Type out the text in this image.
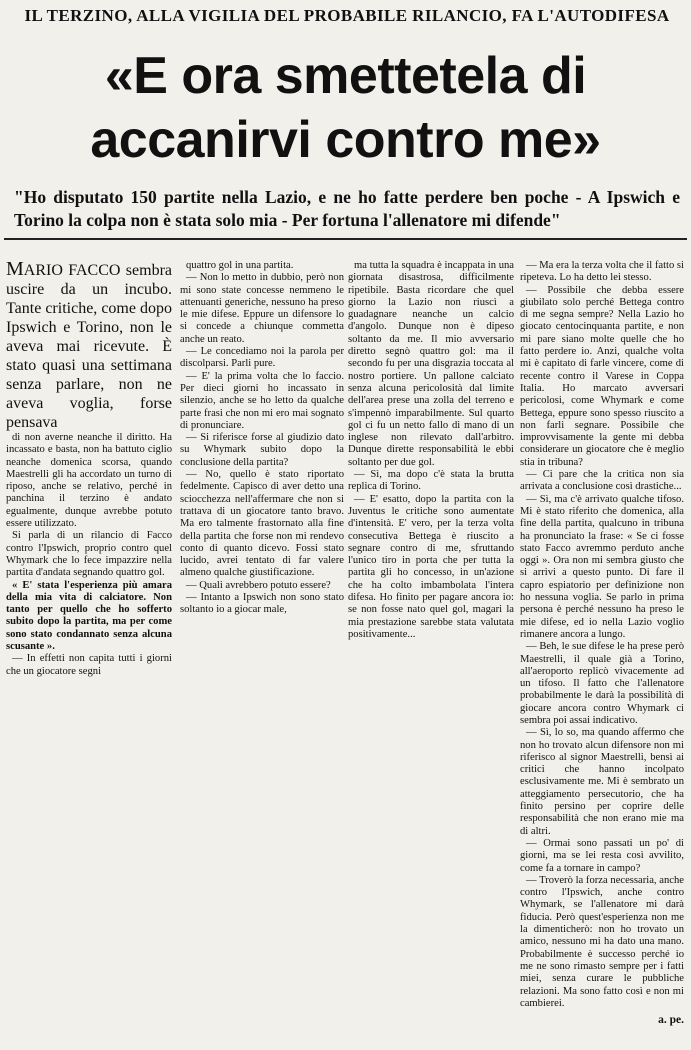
IL TERZINO, ALLA VIGILIA DEL PROBABILE RILANCIO, FA L'AUTODIFESA
«E ora smettetela di
accanirvi contro me»
"Ho disputato 150 partite nella Lazio, e ne ho fatte perdere ben poche - A Ipswich e Torino la colpa non è stata solo mia - Per fortuna l'allenatore mi difende"

MARIO FACCO sembra uscire da un incubo. Tante critiche, come dopo Ipswich e Torino, non le aveva mai ricevute. È stato quasi una settimana senza parlare, non ne aveva voglia, forse pensava

di non averne neanche il diritto. Ha incassato e basta, non ha battuto ciglio neanche domenica scorsa, quando Maestrelli gli ha accordato un turno di riposo, anche se relativo, perché in panchina il terzino è andato egualmente, dunque avrebbe potuto essere utilizzato.

Si parla di un rilancio di Facco contro l'Ipswich, proprio contro quel Whymark che lo fece impazzire nella partita d'andata segnando quattro gol.

« E' stata l'esperienza più amara della mia vita di calciatore. Non tanto per quello che ho sofferto subito dopo la partita, ma per come sono stato condannato senza alcuna scusante ».

— In effetti non capita tutti i giorni che un giocatore segni

quattro gol in una partita.

— Non lo metto in dubbio, però non mi sono state concesse nemmeno le attenuanti generiche, nessuno ha preso le mie difese. Eppure un difensore lo si concede a chiunque commetta anche un reato.

— Le concediamo noi la parola per discolparsi. Parli pure.

— E' la prima volta che lo faccio. Per dieci giorni ho incassato in silenzio, anche se ho letto da qualche parte frasi che non mi ero mai sognato di pronunciare.

— Si riferisce forse al giudizio dato su Whymark subito dopo la conclusione della partita?

— No, quello è stato riportato fedelmente. Capisco di aver detto una sciocchezza nell'affermare che non si trattava di un giocatore tanto bravo. Ma ero talmente frastornato alla fine della partita che forse non mi rendevo conto di quanto dicevo. Fossi stato lucido, avrei tentato di far valere almeno qualche giustificazione.

— Quali avrebbero potuto essere?

— Intanto a Ipswich non sono stato soltanto io a giocar male,

ma tutta la squadra è incappata in una giornata disastrosa, difficilmente ripetibile. Basta ricordare che quel giorno la Lazio non riuscì a guadagnare neanche un calcio d'angolo. Dunque non è dipeso soltanto da me. Il mio avversario diretto segnò quattro gol: ma il secondo fu per una disgrazia toccata al nostro portiere. Un pallone calciato senza alcuna pericolosità dal limite dell'area prese una zolla del terreno e s'impennò imparabilmente. Sul quarto gol ci fu un netto fallo di mano di un inglese non rilevato dall'arbitro. Dunque dirette responsabilità le ebbi soltanto per due gol.

— Sì, ma dopo c'è stata la brutta replica di Torino.

— E' esatto, dopo la partita con la Juventus le critiche sono aumentate d'intensità. E' vero, per la terza volta consecutiva Bettega è riuscito a segnare contro di me, sfruttando l'unico tiro in porta che per tutta la partita gli ho concesso, in un'azione che ha colto imbambolata l'intera difesa. Ho finito per pagare ancora io: se non fosse nato quel gol, magari la mia prestazione sarebbe stata valutata positivamente...

— Ma era la terza volta che il fatto si ripeteva. Lo ha detto lei stesso.

— Possibile che debba essere giubilato solo perché Bettega contro di me segna sempre? Nella Lazio ho giocato centocinquanta partite, e non mi pare siano molte quelle che ho fatto perdere io. Anzi, qualche volta mi è capitato di farle vincere, come di recente contro il Varese in Coppa Italia. Ho marcato avversari pericolosi, come Whymark e come Bettega, eppure sono spesso riuscito a non farli segnare. Possibile che improvvisamente la gente mi debba considerare un giocatore che è meglio stia in tribuna?

— Ci pare che la critica non sia arrivata a conclusione così drastiche...

— Sì, ma c'è arrivato qualche tifoso. Mi è stato riferito che domenica, alla fine della partita, qualcuno in tribuna ha pronunciato la frase: « Se ci fosse stato Facco avremmo perduto anche oggi ». Ora non mi sembra giusto che si arrivi a questo punto. Di fare il capro espiatorio per definizione non ho nessuna voglia. Se parlo in prima persona è perché nessuno ha preso le mie difese, ed io nella Lazio voglio rimanere ancora a lungo.

— Beh, le sue difese le ha prese però Maestrelli, il quale già a Torino, all'aeroporto replicò vivacemente ad un tifoso. Il fatto che l'allenatore probabilmente le darà la possibilità di giocare ancora contro Whymark ci sembra poi assai indicativo.

— Sì, lo so, ma quando affermo che non ho trovato alcun difensore non mi riferisco al signor Maestrelli, bensì ai critici che hanno incolpato esclusivamente me. Mi è sembrato un atteggiamento persecutorio, che ha finito persino per coprire delle responsabilità che non erano mie ma di altri.

— Ormai sono passati un po' di giorni, ma se lei resta così avvilito, come fa a tornare in campo?

— Troverò la forza necessaria, anche contro l'Ipswich, anche contro Whymark, se l'allenatore mi darà fiducia. Però quest'esperienza non me la dimenticherò: non ho trovato un amico, nessuno mi ha dato una mano. Probabilmente è successo perché io me ne sono rimasto sempre per i fatti miei, senza curare le pubbliche relazioni. Ma sono fatto così e non mi cambierei.

a. pe.
